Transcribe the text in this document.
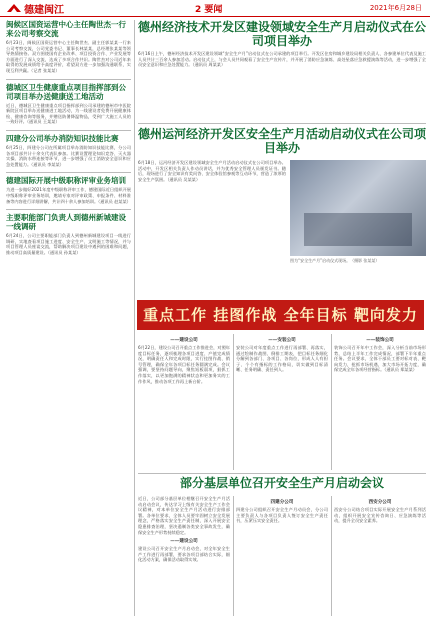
德建闽江	2 要闻	2021年6月28日
闽候区国资运营中心主任陶世杰一行来公司考察交流
6月23日，闽候区国资运营中心主任陶世杰、副主任郭某某一行来公司考察交流，公司党委书记、董事长林某某，总经理张某某等领导热情接待。双方围绕国有企业改革、项目投资合作、产业发展等方面进行了深入交流，达成了多项合作共识。陶世杰对公司近年来取得的发展成绩给予高度评价，希望双方进一步加强沟通联系，实现互利共赢。（记者 张某某）
德城区卫生健康重点项目指挥部到公司项目举办送健康送工地活动
近日，德城区卫生健康重点项目指挥部到公司承建的德州市中医院新院区项目举办送健康进工地活动，为一线建设者免费开展健康体检、健康咨询等服务，并赠送防暑降温物品，受到广大施工人员的一致好评。（通讯员 王某某）
四建分公司举办消防知识技能比赛
6月25日，四建分公司在所属项目举办消防知识技能比赛，分公司各项目部共计十余支代表队参加。比赛设置理论知识竞答、灭火器实操、消防水带连接等环节，进一步增强了员工消防安全意识和应急处置能力。（通讯员 李某某）
德建国际开展中级职称评审业务培训
为进一步做好2021年度中级职称评审工作，德建国际近日组织开展中级职称评审业务培训，邀请专家对评审政策、申报条件、材料准备等内容进行详细讲解，共计四十余人参加培训。（通讯员 赵某某）
主要职能部门负责人到德州新城建设一线调研
6月24日，公司主要职能部门负责人到德州新城建设项目一线进行调研，实地查看项目施工进度、安全生产、文明施工等情况，并与项目管理人员座谈交流，帮助解决项目建设中遇到的困难和问题，推动项目高质量建设。（通讯员 孙某某）
德州经济技术开发区建设领域安全生产月启动仪式在公司项目举办
6月16日上午，德州经济技术开发区建设领域“安全生产月”启动仪式在公司承建的项目举行。开发区住房和城乡建设局相关负责人、各参建单位代表及施工人员共计三百余人参加活动。启动仪式上，与会人员共同观看了安全生产宣传片，并开展了消防应急演练、高处坠落应急救援演练等活动，进一步增强了全员安全意识和应急处置能力。（通讯员 周某某）
德州运河经济开发区安全生产月活动启动仪式在公司项目举办
6月18日，运河经济开发区建设领域安全生产月活动启动仪式在公司项目举办。活动中，开发区相关负责人作动员讲话，并为优秀安全管理人员颁发证书。随后，现场进行了安全知识有奖问答、安全体验馆参观等互动环节，营造了浓厚的安全生产氛围。（通讯员 吴某某）
图为“安全生产月”启动仪式现场。（摄影 张某某）
重点工作 挂图作战 全年目标 靶向发力
——建设公司
6月22日，建设公司召开重点工作推进会，对照年度目标任务，逐项梳理各项目进度、产值完成情况，明确责任人和完成时限，实行挂图作战、销号管理，确保全年各项目标任务圆满完成。会议强调，要坚持问题导向，聚焦短板弱项，狠抓工作落实，以更加饱满的精神状态和更加务实的工作作风，推动各项工作再上新台阶。
——安装公司
安装公司对年度重点工作进行再部署、再落实，通过绘制作战图、倒排工期表，把目标任务细化分解到各部门、各项目、各岗位，形成人人有担子、个个有指标的工作格局，切实做到目标清晰、任务明确、责任到人。
——装饰公司
装饰公司召开年中工作会，深入分析当前市场形势，总结上半年工作完成情况，部署下半年重点任务。会议要求，全体干部员工要对标对表、靶向发力，抢抓市场机遇，加大市场开拓力度，确保完成全年各项经营指标。（通讯员 郑某某）
部分基层单位召开安全生产月启动会议
近日，公司部分基层单位相继召开安全生产月活动启动会议，传达学习上级有关安全生产工作会议精神，对本单位安全生产月活动进行安排部署。各单位要求，全体人员要牢固树立安全发展理念，严格落实安全生产责任制，深入开展安全隐患排查治理，坚决遏制各类安全事故发生，确保安全生产形势持续稳定。
——建设公司
建设公司召开安全生产月启动会，对全年安全生产工作进行再部署，要求各项目部结合实际，细化活动方案，确保活动取得实效。
四建分公司
四建分公司组织召开安全生产月动员会，分公司主要负责人与各项目负责人签订安全生产责任书，压紧压实安全责任。
西安分公司
西安分公司结合项目实际开展安全生产月系列活动，组织开展安全宣传咨询日、应急演练等活动，提升全员安全素养。
